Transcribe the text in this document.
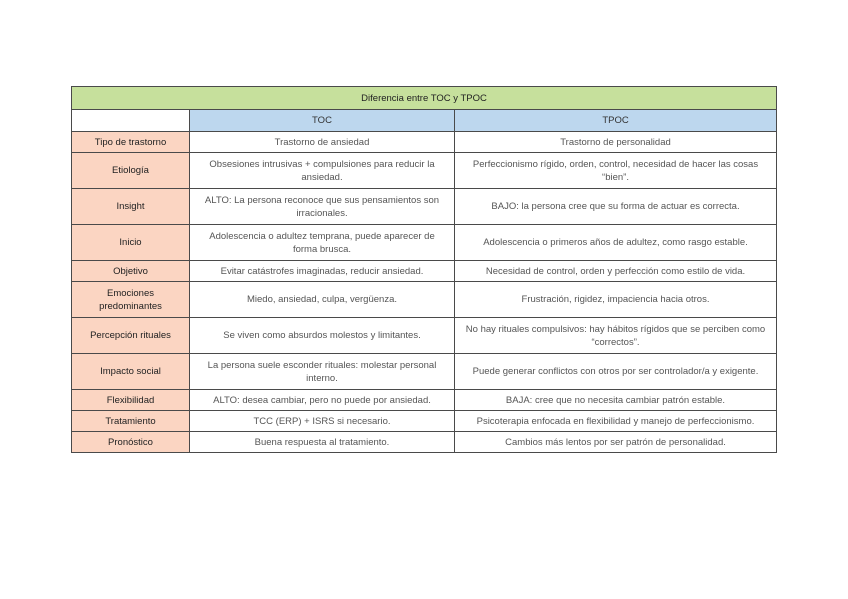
Diferencia entre TOC y TPOC		
	TOC	TPOC
Tipo de trastorno	Trastorno de ansiedad	Trastorno de personalidad
Etiología	Obsesiones intrusivas + compulsiones para reducir la ansiedad.	Perfeccionismo rígido, orden, control, necesidad de hacer las cosas “bien”.
Insight	ALTO: La persona reconoce que sus pensamientos son irracionales.	BAJO: la persona cree que su forma de actuar es correcta.
Inicio	Adolescencia o adultez temprana, puede aparecer de forma brusca.	Adolescencia o primeros años de adultez, como rasgo estable.
Objetivo	Evitar catástrofes imaginadas, reducir ansiedad.	Necesidad de control, orden y perfección como estilo de vida.
Emociones predominantes	Miedo, ansiedad, culpa, vergüenza.	Frustración, rigidez, impaciencia hacia otros.
Percepción rituales	Se viven como absurdos molestos y limitantes.	No hay rituales compulsivos: hay hábitos rígidos que se perciben como “correctos”.
Impacto social	La persona suele esconder rituales: molestar personal interno.	Puede generar conflictos con otros por ser controlador/a y exigente.
Flexibilidad	ALTO: desea cambiar, pero no puede por ansiedad.	BAJA: cree que no necesita cambiar patrón estable.
Tratamiento	TCC (ERP) + ISRS si necesario.	Psicoterapia enfocada en flexibilidad y manejo de perfeccionismo.
Pronóstico	Buena respuesta al tratamiento.	Cambios más lentos por ser patrón de personalidad.
